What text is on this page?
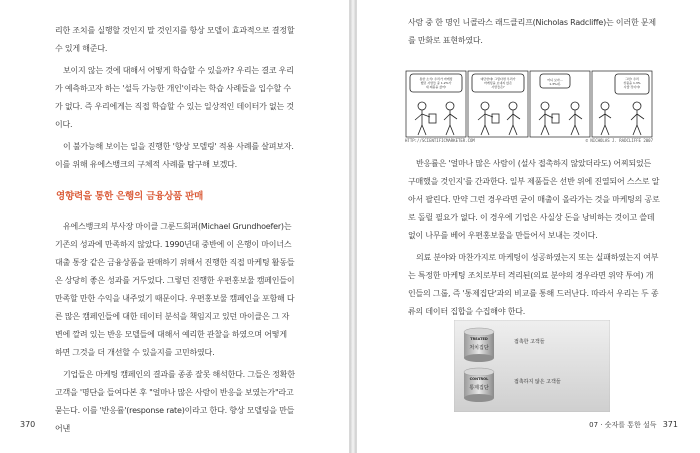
리한 조치를 실행할 것인지 말 것인지를 항상 모델이 효과적으로 결정할 수 있게 해준다.

보이지 않는 것에 대해서 어떻게 학습할 수 있을까? 우리는 결코 우리가 예측하고자 하는 '설득 가능한 개인'이라는 학습 사례들을 입수할 수가 없다. 즉 우리에게는 직접 학습할 수 있는 일상적인 데이터가 없는 것이다.

이 불가능해 보이는 일을 진행한 '향상 모델링' 적용 사례를 살펴보자. 이를 위해 유에스뱅크의 구체적 사례를 탐구해 보겠다.

영향력을 통한 은행의 금융상품 판매

유에스뱅크의 부사장 마이클 그룬드회퍼(Michael Grundhoefer)는 기존의 성과에 만족하지 않았다. 1990년대 중반에 이 은행이 마이너스 대출 통장 같은 금융상품을 판매하기 위해서 진행한 직접 마케팅 활동들은 상당히 좋은 성과를 거두었다. 그렇던 진행한 우편홍보물 캠페인들이 만족할 만한 수익을 내주었기 때문이다. 우편홍보물 캠페인을 포함해 다른 많은 캠페인들에 대한 데이터 분석을 책임지고 있던 마이클은 그 자변에 깔려 있는 반응 모델들에 대해서 예리한 관찰을 하였으며 어떻게 하면 그것을 더 개선할 수 있을지를 고민하였다.

기업들은 마케팅 캠페인의 결과를 종종 잘못 해석한다. 그들은 정확한 고객을 '명단을 들여다본 후 "얼마나 많은 사람이 반응을 보였는가"라고 묻는다. 이를 '반응률'(response rate)이라고 한다. 향상 모델링을 만들어낸

370

사람 중 한 명인 니콜라스 래드클리프(Nicholas Radcliffe)는 이러한 문제를 만화로 표현하였다.

통한 소식! 우리가 마케팅 했던 사람들 중 1.2%가 새 제품을 샀어!
대단한데! 그렇다면 우리가 마케팅을 보내지 않은 사람들은?
어디 보자... 1.3%네.
그런! 우리 상품을 1.3% 사줄 것이야!
HTTP://SCIENTIFICMARKETER.COM	© NICHOLAS J. RADCLIFFE 2007

반응률은 '얼마나 많은 사람이 (설사 접촉하지 않았더라도) 어찌되었든 구매했을 것인지'를 간과한다. 일부 제품들은 선반 위에 진열되어 스스로 알아서 팔린다. 만약 그런 경우라면 굳이 매출이 올라가는 것을 마케팅의 공로로 돌릴 필요가 없다. 이 경우에 기업은 사실상 돈을 낭비하는 것이고 쓸데없이 나무를 베어 우편홍보물을 만들어서 보내는 것이다.

의료 분야와 마찬가지로 마케팅이 성공하였는지 또는 실패하였는지 여부는 특정한 마케팅 조치로부터 격리된(의료 분야의 경우라면 위약 투여) 개인들의 그룹, 즉 '통제집단'과의 비교를 통해 드러난다. 따라서 우리는 두 종류의 데이터 집합을 수집해야 한다.

TREATED
처치집단
접촉한 고객들
CONTROL
통제집단
접촉하지 않은 고객들
07 · 숫자를 통한 설득 371
